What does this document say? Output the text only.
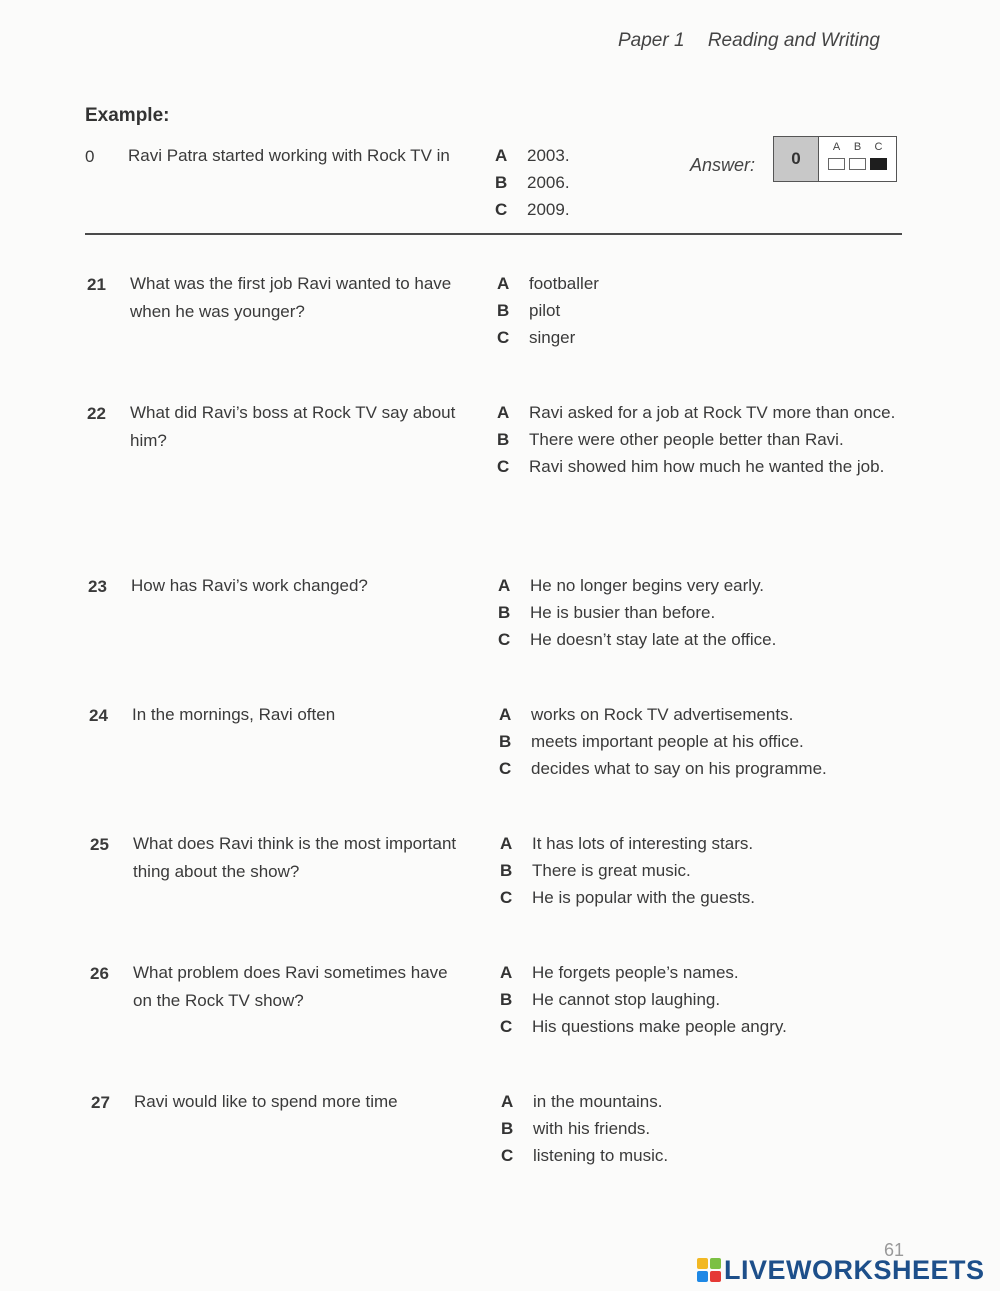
Paper 1 Reading and Writing
Example:
0 Ravi Patra started working with Rock TV in	A	2003.
B	2006.
C	2009.
Answer:	0
A B C
21 What was the first job Ravi wanted to have when he was younger?
A	footballer
B	pilot
C	singer
22 What did Ravi’s boss at Rock TV say about him?
A	Ravi asked for a job at Rock TV more than once.
B	There were other people better than Ravi.
C	Ravi showed him how much he wanted the job.
23 How has Ravi’s work changed?	A	He no longer begins very early.
B	He is busier than before.
C	He doesn’t stay late at the office.
24 In the mornings, Ravi often	A	works on Rock TV advertisements.
B	meets important people at his office.
C	decides what to say on his programme.
25 What does Ravi think is the most important thing about the show?
A	It has lots of interesting stars.
B	There is great music.
C	He is popular with the guests.
26 What problem does Ravi sometimes have on the Rock TV show?
A	He forgets people’s names.
B	He cannot stop laughing.
C	His questions make people angry.
27 Ravi would like to spend more time	A	in the mountains.
B	with his friends.
C	listening to music.
61
LIVEWORKSHEETS
